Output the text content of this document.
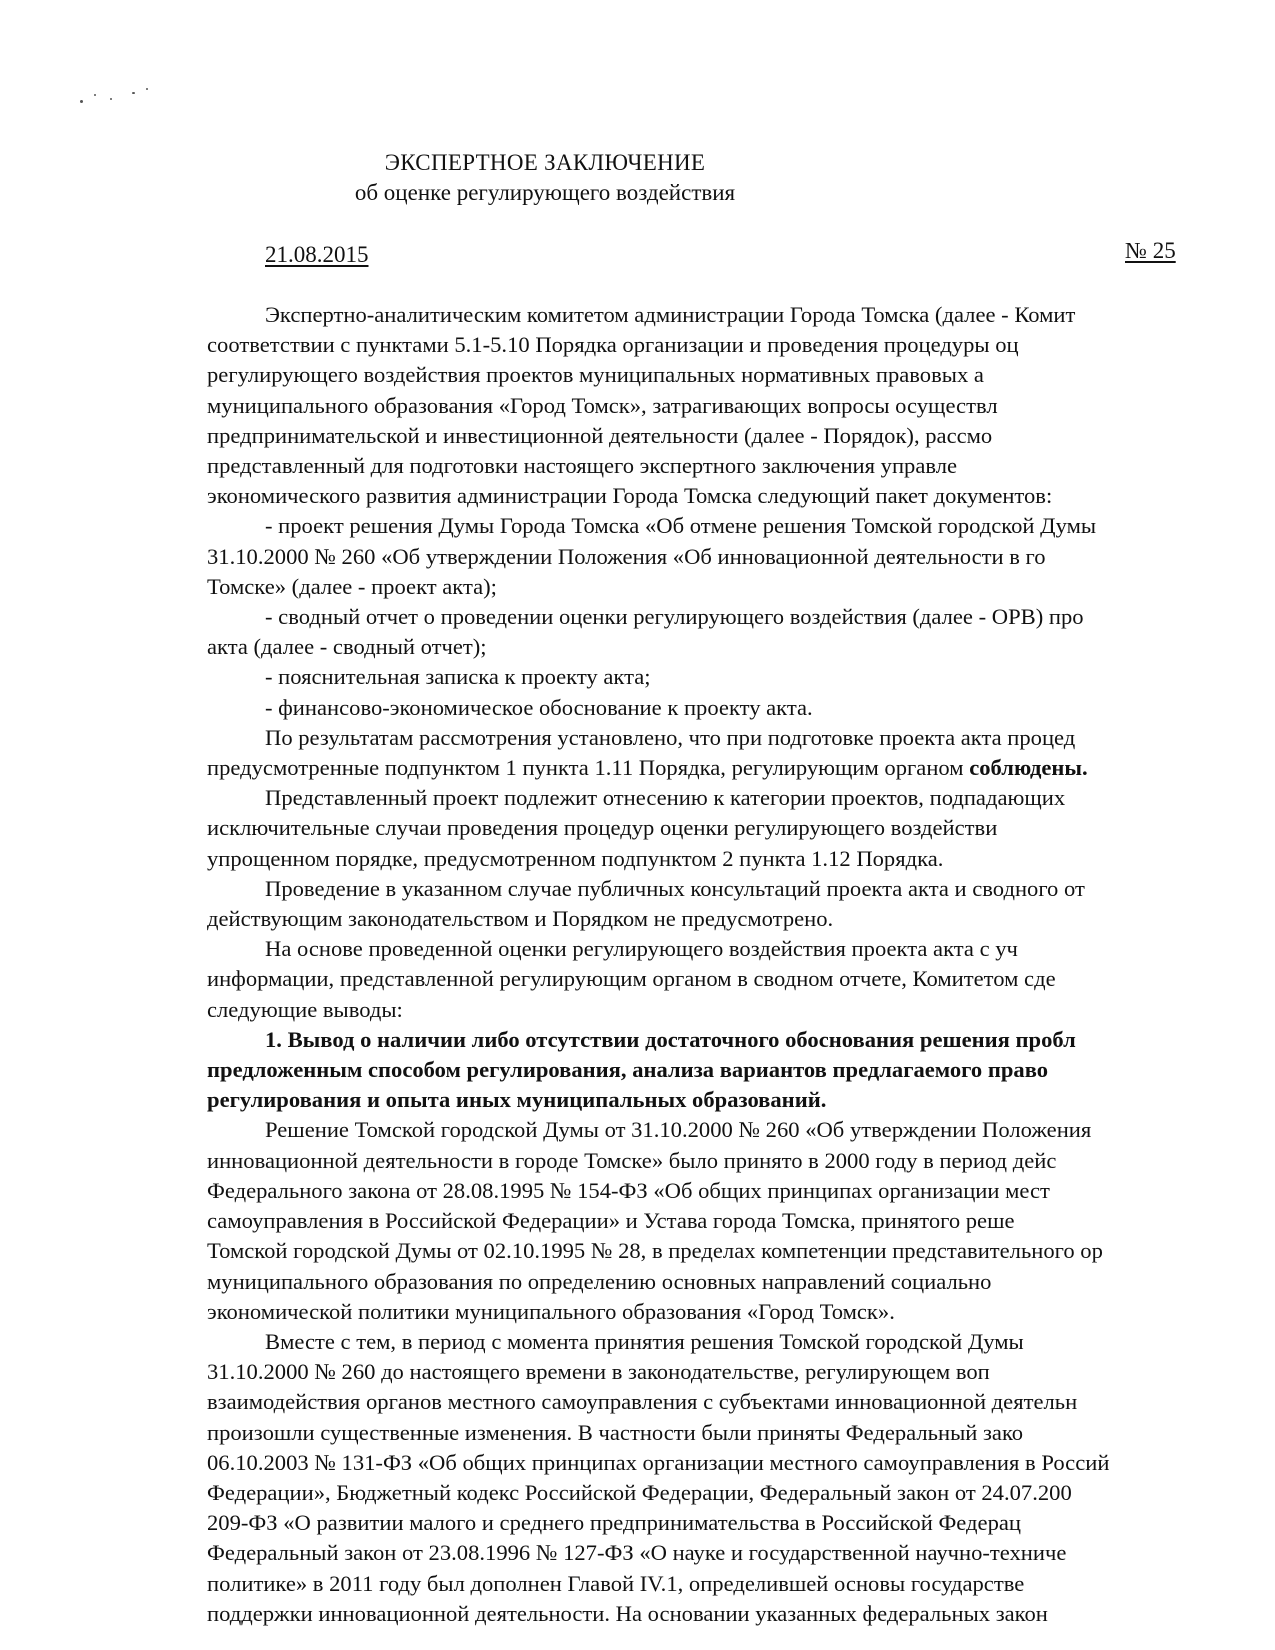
ЭКСПЕРТНОЕ ЗАКЛЮЧЕНИЕ
об оценке регулирующего воздействия
21.08.2015	№ 25
Экспертно-аналитическим комитетом администрации Города Томска (далее - Комит
соответствии с пунктами 5.1-5.10 Порядка организации и проведения процедуры оц
регулирующего воздействия проектов муниципальных нормативных правовых а
муниципального образования «Город Томск», затрагивающих вопросы осуществл
предпринимательской и инвестиционной деятельности (далее - Порядок), рассмо
представленный для подготовки настоящего экспертного заключения управле
экономического развития администрации Города Томска следующий пакет документов:
- проект решения Думы Города Томска «Об отмене решения Томской городской Думы
31.10.2000 № 260 «Об утверждении Положения «Об инновационной деятельности в го
Томске» (далее - проект акта);
- сводный отчет о проведении оценки регулирующего воздействия (далее - ОРВ) про
акта (далее - сводный отчет);
- пояснительная записка к проекту акта;
- финансово-экономическое обоснование к проекту акта.
По результатам рассмотрения установлено, что при подготовке проекта акта процед
предусмотренные подпунктом 1 пункта 1.11 Порядка, регулирующим органом соблюдены.
Представленный проект подлежит отнесению к категории проектов, подпадающих
исключительные случаи проведения процедур оценки регулирующего воздействи
упрощенном порядке, предусмотренном подпунктом 2 пункта 1.12 Порядка.
Проведение в указанном случае публичных консультаций проекта акта и сводного от
действующим законодательством и Порядком не предусмотрено.
На основе проведенной оценки регулирующего воздействия проекта акта с уч
информации, представленной регулирующим органом в сводном отчете, Комитетом сде
следующие выводы:
1. Вывод о наличии либо отсутствии достаточного обоснования решения пробл
предложенным способом регулирования, анализа вариантов предлагаемого право
регулирования и опыта иных муниципальных образований.
Решение Томской городской Думы от 31.10.2000 № 260 «Об утверждении Положения
инновационной деятельности в городе Томске» было принято в 2000 году в период дейс
Федерального закона от 28.08.1995 № 154-ФЗ «Об общих принципах организации мест
самоуправления в Российской Федерации» и Устава города Томска, принятого реше
Томской городской Думы от 02.10.1995 № 28, в пределах компетенции представительного ор
муниципального образования по определению основных направлений социально
экономической политики муниципального образования «Город Томск».
Вместе с тем, в период с момента принятия решения Томской городской Думы
31.10.2000 № 260 до настоящего времени в законодательстве, регулирующем воп
взаимодействия органов местного самоуправления с субъектами инновационной деятельн
произошли существенные изменения. В частности были приняты Федеральный зако
06.10.2003 № 131-ФЗ «Об общих принципах организации местного самоуправления в Россий
Федерации», Бюджетный кодекс Российской Федерации, Федеральный закон от 24.07.200
209-ФЗ «О развитии малого и среднего предпринимательства в Российской Федерац
Федеральный закон от 23.08.1996 № 127-ФЗ «О науке и государственной научно-техниче
политике» в 2011 году был дополнен Главой IV.1, определившей основы государстве
поддержки инновационной деятельности. На основании указанных федеральных закон
